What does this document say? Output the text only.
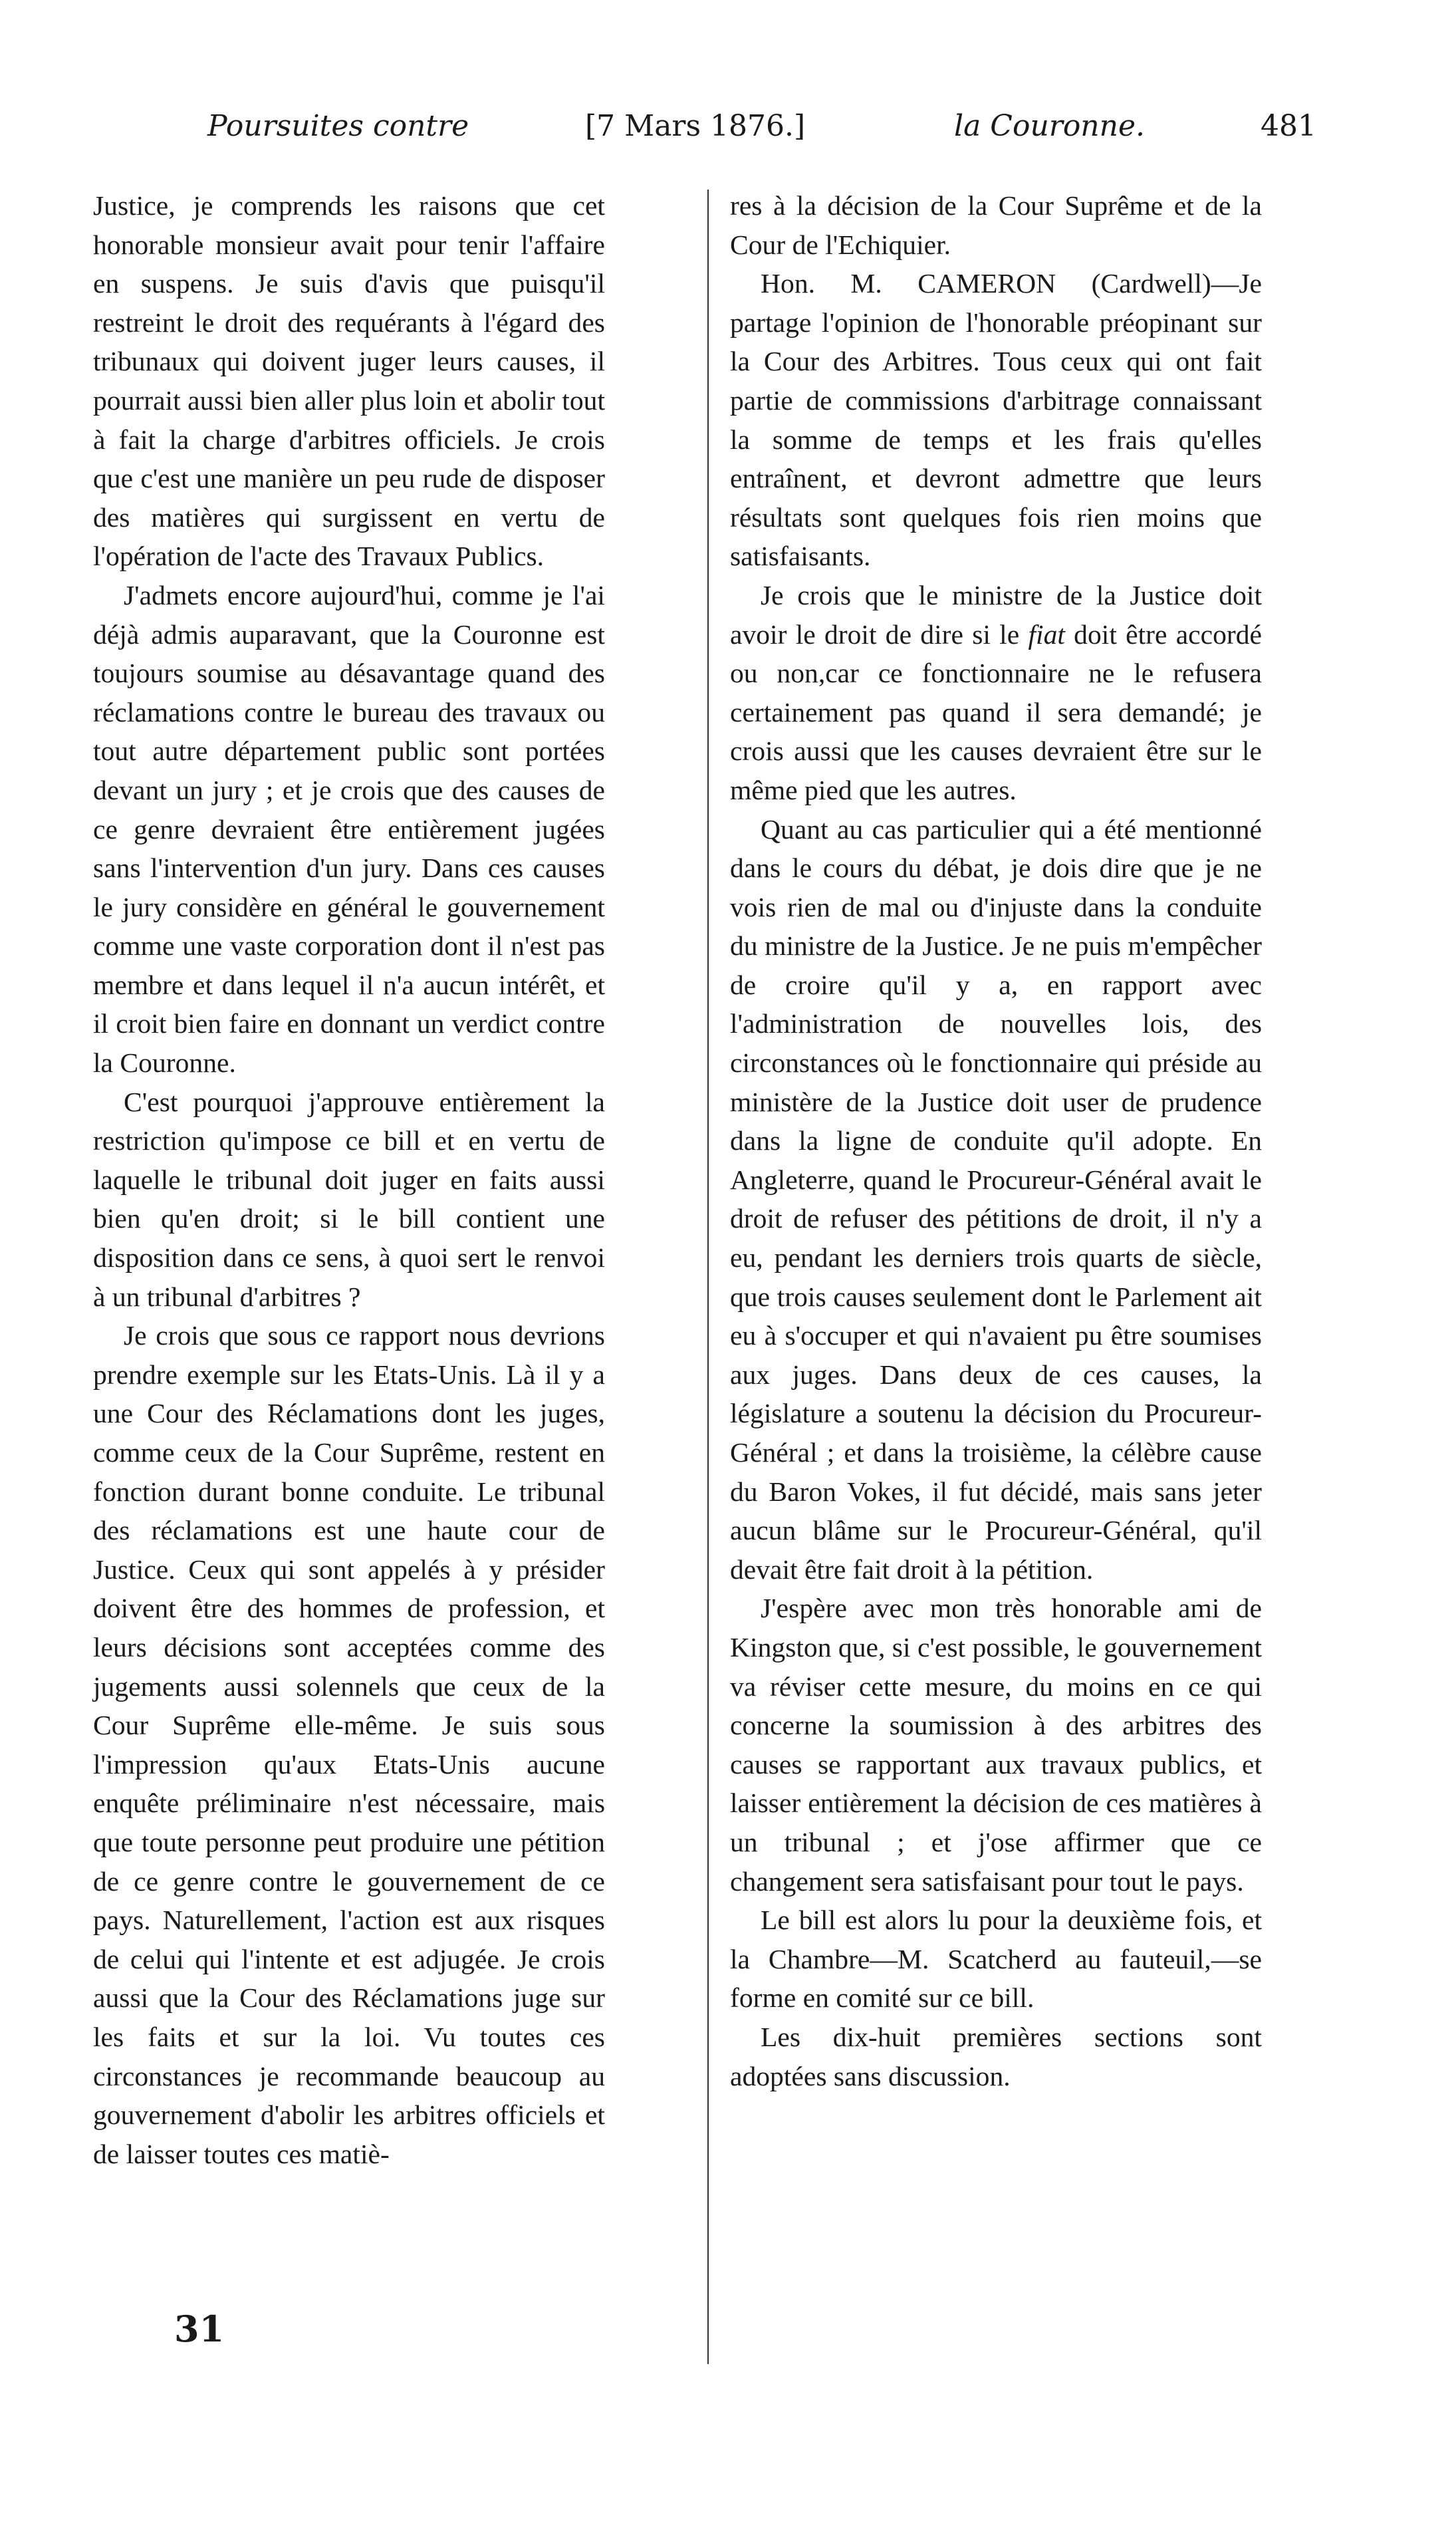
Poursuites contre	[7 Mars 1876.]	la Couronne.	481

Justice, je comprends les raisons que cet honorable monsieur avait pour tenir l'affaire en suspens. Je suis d'avis que puisqu'il restreint le droit des requérants à l'égard des tribunaux qui doivent juger leurs causes, il pourrait aussi bien aller plus loin et abolir tout à fait la charge d'arbitres officiels. Je crois que c'est une manière un peu rude de disposer des matières qui surgissent en vertu de l'opération de l'acte des Travaux Publics.

J'admets encore aujourd'hui, comme je l'ai déjà admis auparavant, que la Couronne est toujours soumise au désavantage quand des réclamations contre le bureau des travaux ou tout autre département public sont portées devant un jury ; et je crois que des causes de ce genre devraient être entièrement jugées sans l'intervention d'un jury. Dans ces causes le jury considère en général le gouvernement comme une vaste corporation dont il n'est pas membre et dans lequel il n'a aucun intérêt, et il croit bien faire en donnant un verdict contre la Couronne.

C'est pourquoi j'approuve entièrement la restriction qu'impose ce bill et en vertu de laquelle le tribunal doit juger en faits aussi bien qu'en droit; si le bill contient une disposition dans ce sens, à quoi sert le renvoi à un tribunal d'arbitres ?

Je crois que sous ce rapport nous devrions prendre exemple sur les Etats-Unis. Là il y a une Cour des Réclamations dont les juges, comme ceux de la Cour Suprême, restent en fonction durant bonne conduite. Le tribunal des réclamations est une haute cour de Justice. Ceux qui sont appelés à y présider doivent être des hommes de profession, et leurs décisions sont acceptées comme des jugements aussi solennels que ceux de la Cour Suprême elle-même. Je suis sous l'impression qu'aux Etats-Unis aucune enquête préliminaire n'est nécessaire, mais que toute personne peut produire une pétition de ce genre contre le gouvernement de ce pays. Naturellement, l'action est aux risques de celui qui l'intente et est adjugée. Je crois aussi que la Cour des Réclamations juge sur les faits et sur la loi. Vu toutes ces circonstances je recommande beaucoup au gouvernement d'abolir les arbitres officiels et de laisser toutes ces matiè-

res à la décision de la Cour Suprême et de la Cour de l'Echiquier.

Hon. M. CAMERON (Cardwell)—Je partage l'opinion de l'honorable préopinant sur la Cour des Arbitres. Tous ceux qui ont fait partie de commissions d'arbitrage connaissant la somme de temps et les frais qu'elles entraînent, et devront admettre que leurs résultats sont quelques fois rien moins que satisfaisants.

Je crois que le ministre de la Justice doit avoir le droit de dire si le fiat doit être accordé ou non,car ce fonctionnaire ne le refusera certainement pas quand il sera demandé; je crois aussi que les causes devraient être sur le même pied que les autres.

Quant au cas particulier qui a été mentionné dans le cours du débat, je dois dire que je ne vois rien de mal ou d'injuste dans la conduite du ministre de la Justice. Je ne puis m'empêcher de croire qu'il y a, en rapport avec l'administration de nouvelles lois, des circonstances où le fonctionnaire qui préside au ministère de la Justice doit user de prudence dans la ligne de conduite qu'il adopte. En Angleterre, quand le Procureur-Général avait le droit de refuser des pétitions de droit, il n'y a eu, pendant les derniers trois quarts de siècle, que trois causes seulement dont le Parlement ait eu à s'occuper et qui n'avaient pu être soumises aux juges. Dans deux de ces causes, la législature a soutenu la décision du Procureur-Général ; et dans la troisième, la célèbre cause du Baron Vokes, il fut décidé, mais sans jeter aucun blâme sur le Procureur-Général, qu'il devait être fait droit à la pétition.

J'espère avec mon très honorable ami de Kingston que, si c'est possible, le gouvernement va réviser cette mesure, du moins en ce qui concerne la soumission à des arbitres des causes se rapportant aux travaux publics, et laisser entièrement la décision de ces matières à un tribunal ; et j'ose affirmer que ce changement sera satisfaisant pour tout le pays.

Le bill est alors lu pour la deuxième fois, et la Chambre—M. Scatcherd au fauteuil,—se forme en comité sur ce bill.

Les dix-huit premières sections sont adoptées sans discussion.

31
